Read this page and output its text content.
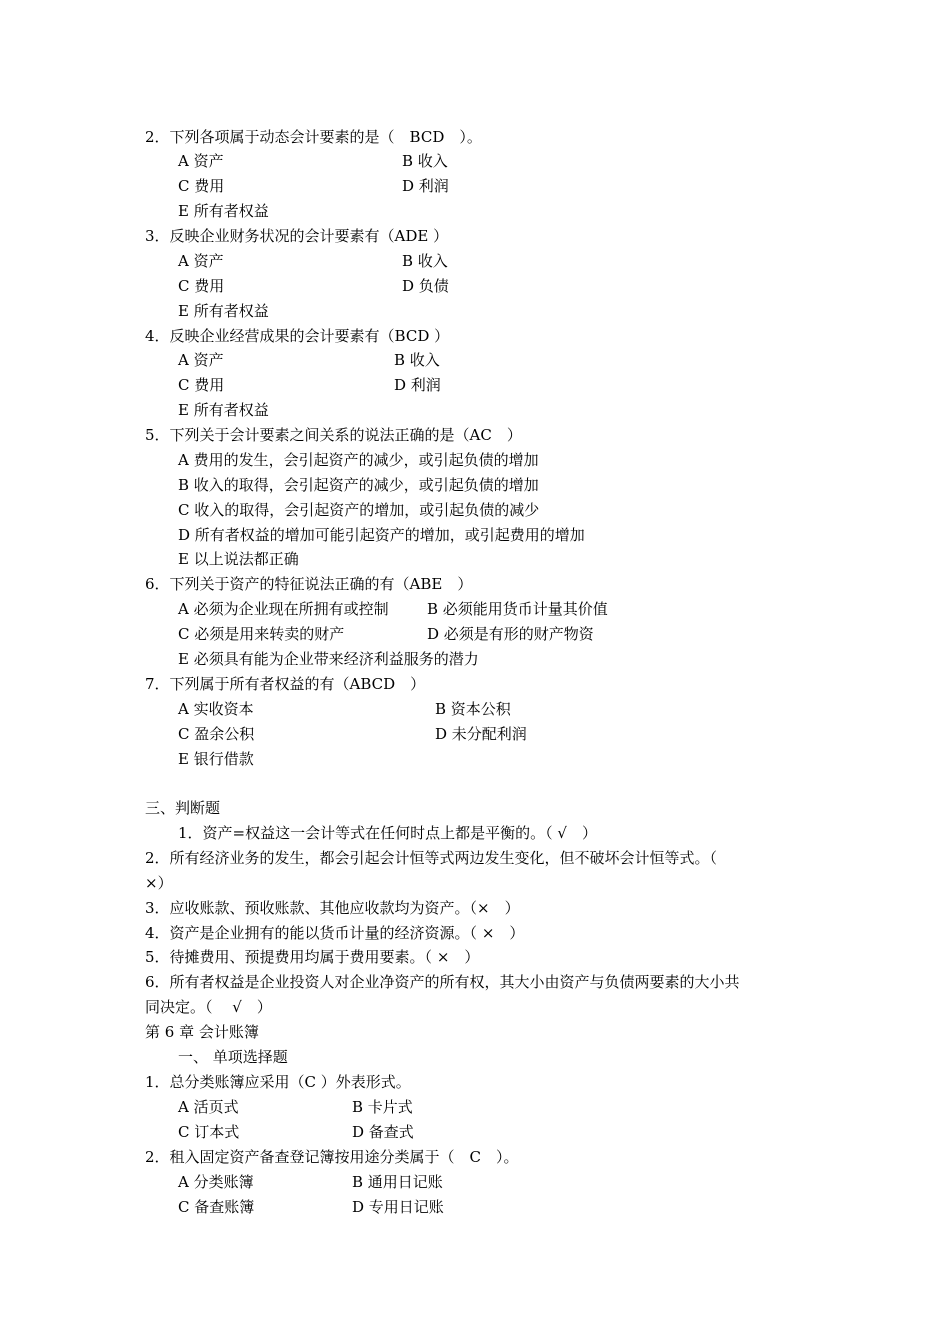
2．下列各项属于动态会计要素的是（　BCD　）。
A 资产	B 收入
C 费用	D 利润
E 所有者权益
3．反映企业财务状况的会计要素有（ADE ）
A 资产	B 收入
C 费用	D 负债
E 所有者权益
4．反映企业经营成果的会计要素有（BCD ）
A 资产	B 收入
C 费用	D 利润
E 所有者权益
5．下列关于会计要素之间关系的说法正确的是（AC　）
A 费用的发生，会引起资产的减少，或引起负债的增加
B 收入的取得，会引起资产的减少，或引起负债的增加
C 收入的取得，会引起资产的增加，或引起负债的减少
D 所有者权益的增加可能引起资产的增加，或引起费用的增加
E 以上说法都正确
6．下列关于资产的特征说法正确的有（ABE　）
A 必须为企业现在所拥有或控制	B 必须能用货币计量其价值
C 必须是用来转卖的财产	D 必须是有形的财产物资
E 必须具有能为企业带来经济利益服务的潜力
7．下列属于所有者权益的有（ABCD　）
A 实收资本	B 资本公积
C 盈余公积	D 未分配利润
E 银行借款
三、判断题
1．资产=权益这一会计等式在任何时点上都是平衡的。（ √　）
2．所有经济业务的发生，都会引起会计恒等式两边发生变化，但不破坏会计恒等式。（
×）
3．应收账款、预收账款、其他应收款均为资产。（×　）
4．资产是企业拥有的能以货币计量的经济资源。（ ×　）
5．待摊费用、预提费用均属于费用要素。（ ×　）
6．所有者权益是企业投资人对企业净资产的所有权，其大小由资产与负债两要素的大小共
同决定。（　 √　）
第 6 章 会计账簿
一、 单项选择题
1．总分类账簿应采用（C ）外表形式。
A 活页式	B 卡片式
C 订本式	D 备查式
2．租入固定资产备查登记簿按用途分类属于（　C　）。
A 分类账簿	B 通用日记账
C 备查账簿	D 专用日记账
